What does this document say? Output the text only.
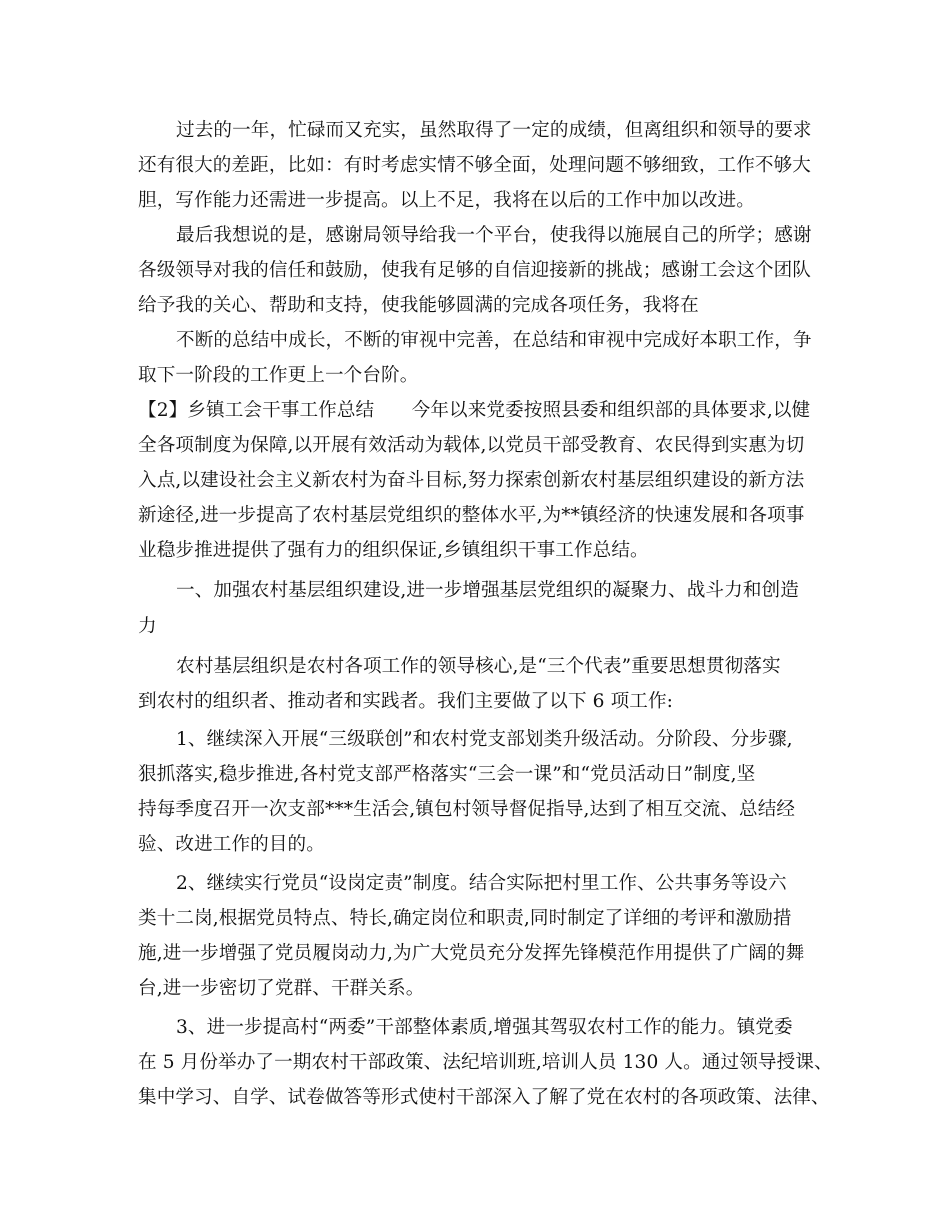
过去的一年，忙碌而又充实，虽然取得了一定的成绩，但离组织和领导的要求
还有很大的差距，比如：有时考虑实情不够全面，处理问题不够细致，工作不够大
胆，写作能力还需进一步提高。以上不足，我将在以后的工作中加以改进。
最后我想说的是，感谢局领导给我一个平台，使我得以施展自己的所学；感谢
各级领导对我的信任和鼓励，使我有足够的自信迎接新的挑战；感谢工会这个团队
给予我的关心、帮助和支持，使我能够圆满的完成各项任务，我将在
不断的总结中成长，不断的审视中完善，在总结和审视中完成好本职工作，争
取下一阶段的工作更上一个台阶。
【2】乡镇工会干事工作总结　　今年以来党委按照县委和组织部的具体要求,以健
全各项制度为保障,以开展有效活动为载体,以党员干部受教育、农民得到实惠为切
入点,以建设社会主义新农村为奋斗目标,努力探索创新农村基层组织建设的新方法
新途径,进一步提高了农村基层党组织的整体水平,为**镇经济的快速发展和各项事
业稳步推进提供了强有力的组织保证,乡镇组织干事工作总结。
一、加强农村基层组织建设,进一步增强基层党组织的凝聚力、战斗力和创造
力
农村基层组织是农村各项工作的领导核心,是“三个代表”重要思想贯彻落实
到农村的组织者、推动者和实践者。我们主要做了以下 6 项工作:
1、继续深入开展“三级联创”和农村党支部划类升级活动。分阶段、分步骤,
狠抓落实,稳步推进,各村党支部严格落实“三会一课”和“党员活动日”制度,坚
持每季度召开一次支部***生活会,镇包村领导督促指导,达到了相互交流、总结经
验、改进工作的目的。
2、继续实行党员“设岗定责”制度。结合实际把村里工作、公共事务等设六
类十二岗,根据党员特点、特长,确定岗位和职责,同时制定了详细的考评和激励措
施,进一步增强了党员履岗动力,为广大党员充分发挥先锋模范作用提供了广阔的舞
台,进一步密切了党群、干群关系。
3、进一步提高村“两委”干部整体素质,增强其驾驭农村工作的能力。镇党委
在 5 月份举办了一期农村干部政策、法纪培训班,培训人员 130 人。通过领导授课、
集中学习、自学、试卷做答等形式使村干部深入了解了党在农村的各项政策、法律、
